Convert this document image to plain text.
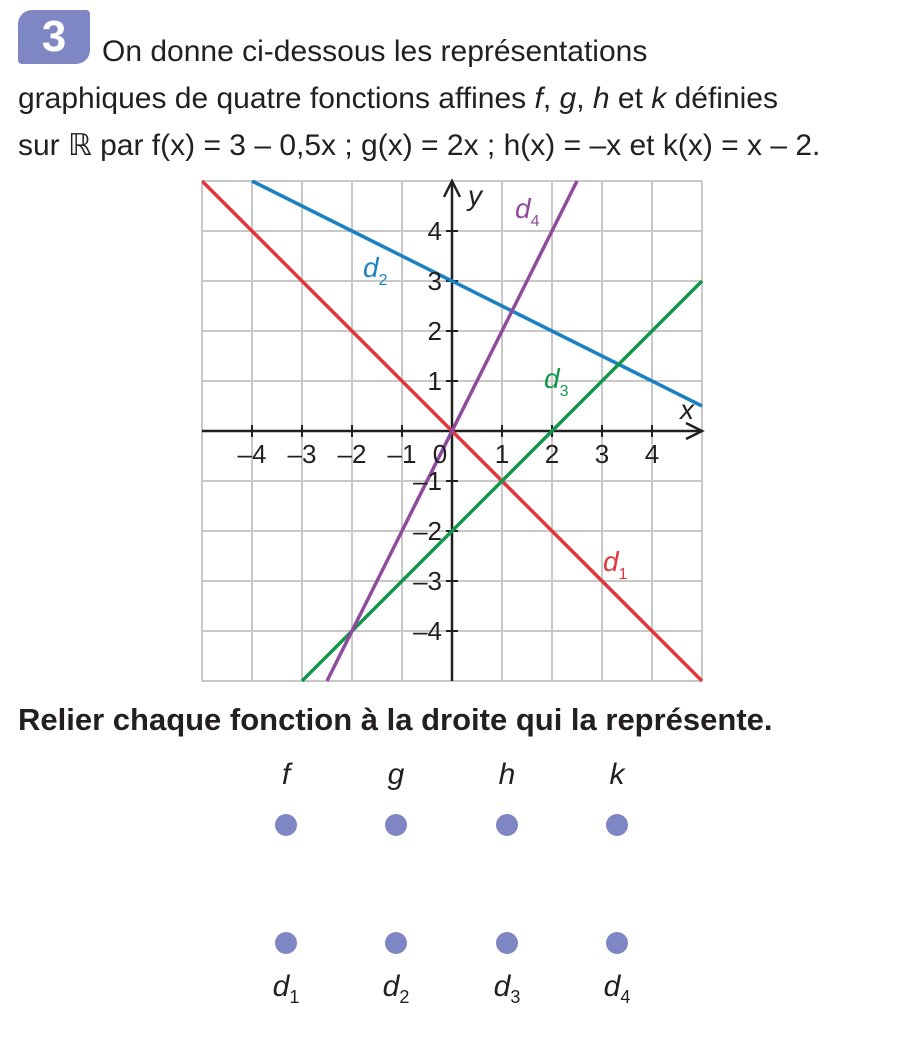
3	On donne ci-dessous les représentations
graphiques de quatre fonctions affines f, g, h et k définies
sur ℝ par f(x) = 3 – 0,5x ; g(x) = 2x ; h(x) = –x et k(x) = x – 2.
–4 –3 –2 –1 0 1 2 3 4
4
3
2
1
–1
–2
–3
–4
x
y
$d_1$
$d_2$
$d_3$
$d_4$
Relier chaque fonction à la droite qui la représente.
f	g	h	k
$d_1$	$d_2$	$d_3$	$d_4$
